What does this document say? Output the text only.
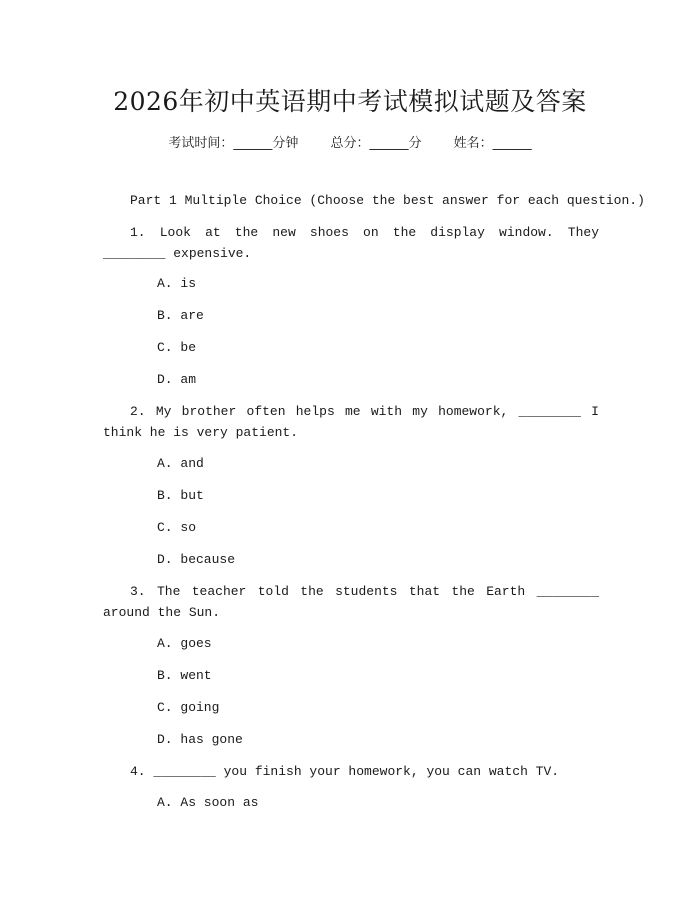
2026年初中英语期中考试模拟试题及答案
考试时间：______分钟 总分：______分 姓名：______
Part 1 Multiple Choice (Choose the best answer for each question.)
1. Look at the new shoes on the display window. They ________ expensive.
A. is
B. are
C. be
D. am
2. My brother often helps me with my homework, ________ I think he is very patient.
A. and
B. but
C. so
D. because
3. The teacher told the students that the Earth ________ around the Sun.
A. goes
B. went
C. going
D. has gone
4. ________ you finish your homework, you can watch TV.
A. As soon as
